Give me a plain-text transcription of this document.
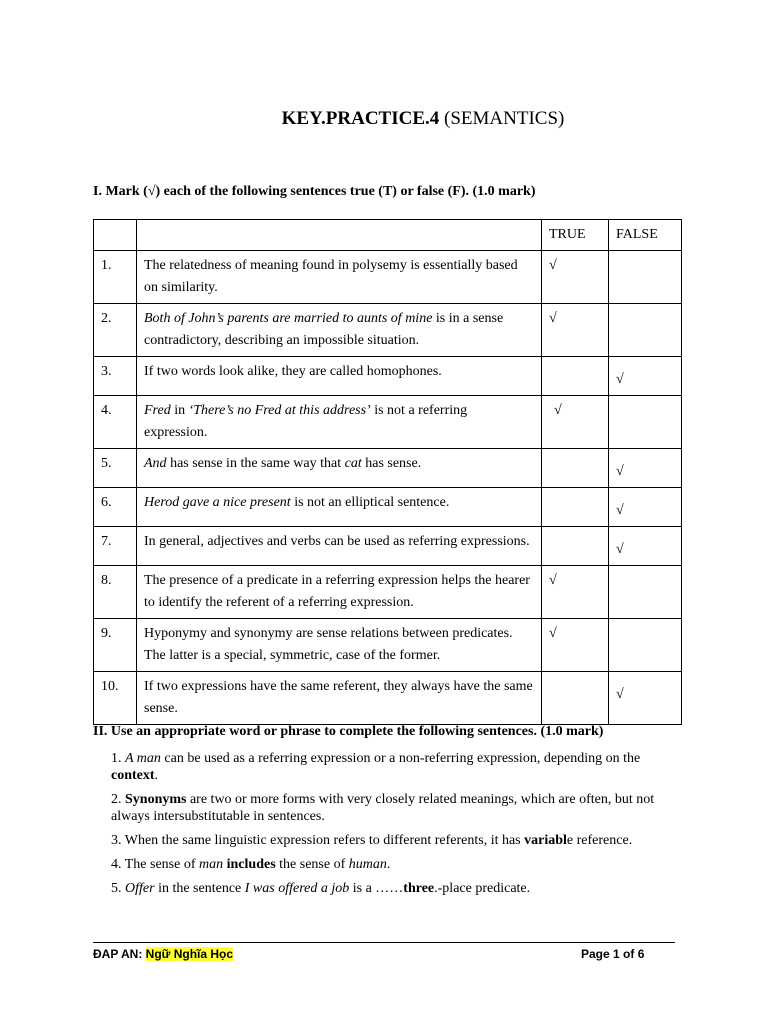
KEY.PRACTICE.4 (SEMANTICS)
I. Mark (√) each of the following sentences true (T) or false (F). (1.0 mark)
		TRUE	FALSE
1.	The relatedness of meaning found in polysemy is essentially based on similarity.	√	
2.	Both of John’s parents are married to aunts of mine is in a sense contradictory, describing an impossible situation.	√	
3.	If two words look alike, they are called homophones.		√
4.	Fred in ‘There’s no Fred at this address’ is not a referring expression.	√	
5.	And has sense in the same way that cat has sense.		√
6.	Herod gave a nice present is not an elliptical sentence.		√
7.	In general, adjectives and verbs can be used as referring expressions.		√
8.	The presence of a predicate in a referring expression helps the hearer to identify the referent of a referring expression.	√	
9.	Hyponymy and synonymy are sense relations between predicates. The latter is a special, symmetric, case of the former.	√	
10.	If two expressions have the same referent, they always have the same sense.		√
II. Use an appropriate word or phrase to complete the following sentences. (1.0 mark)

1. A man can be used as a referring expression or a non-referring expression, depending on the context.

2. Synonyms are two or more forms with very closely related meanings, which are often, but not always intersubstitutable in sentences.

3. When the same linguistic expression refers to different referents, it has variable reference.

4. The sense of man includes the sense of human.

5. Offer in the sentence I was offered a job is a ……three.-place predicate.

ĐAP AN: Ngữ Nghĩa Học	Page 1 of 6
